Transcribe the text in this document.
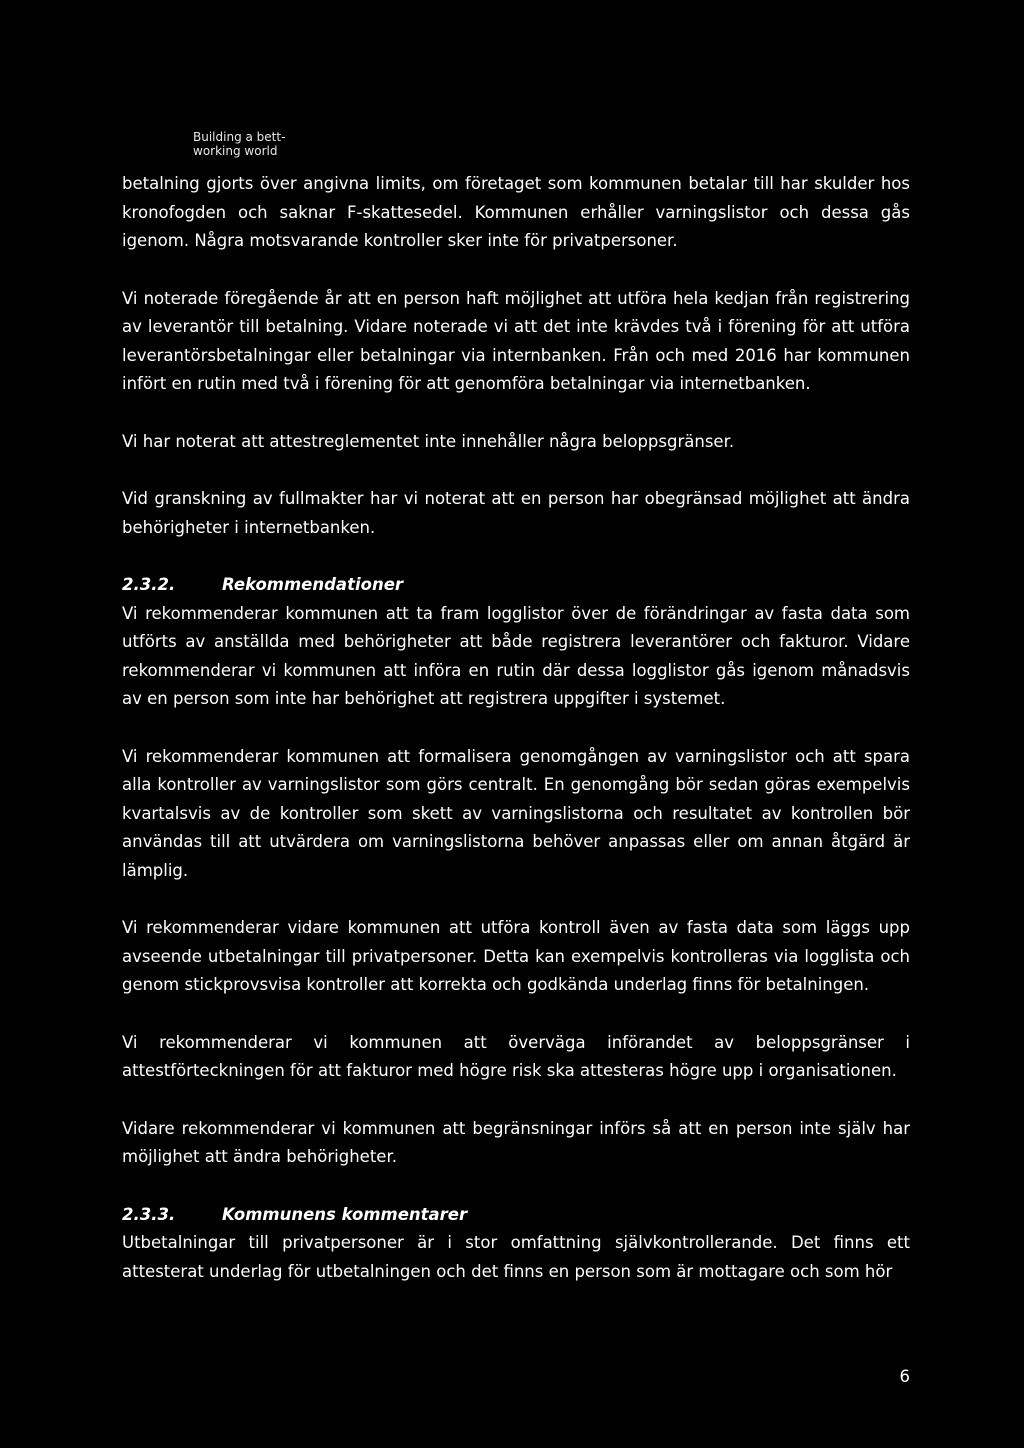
Building a bett-
working world

betalning gjorts över angivna limits, om företaget som kommunen betalar till har skulder hos kronofogden och saknar F-skattesedel. Kommunen erhåller varningslistor och dessa gås igenom. Några motsvarande kontroller sker inte för privatpersoner.

Vi noterade föregående år att en person haft möjlighet att utföra hela kedjan från registrering av leverantör till betalning. Vidare noterade vi att det inte krävdes två i förening för att utföra leverantörsbetalningar eller betalningar via internbanken. Från och med 2016 har kommunen infört en rutin med två i förening för att genomföra betalningar via internetbanken.

Vi har noterat att attestreglementet inte innehåller några beloppsgränser.

Vid granskning av fullmakter har vi noterat att en person har obegränsad möjlighet att ändra behörigheter i internetbanken.

2.3.2.	Rekommendationer

Vi rekommenderar kommunen att ta fram logglistor över de förändringar av fasta data som utförts av anställda med behörigheter att både registrera leverantörer och fakturor. Vidare rekommenderar vi kommunen att införa en rutin där dessa logglistor gås igenom månadsvis av en person som inte har behörighet att registrera uppgifter i systemet.

Vi rekommenderar kommunen att formalisera genomgången av varningslistor och att spara alla kontroller av varningslistor som görs centralt. En genomgång bör sedan göras exempelvis kvartalsvis av de kontroller som skett av varningslistorna och resultatet av kontrollen bör användas till att utvärdera om varningslistorna behöver anpassas eller om annan åtgärd är lämplig.

Vi rekommenderar vidare kommunen att utföra kontroll även av fasta data som läggs upp avseende utbetalningar till privatpersoner. Detta kan exempelvis kontrolleras via logglista och genom stickprovsvisa kontroller att korrekta och godkända underlag finns för betalningen.

Vi rekommenderar vi kommunen att överväga införandet av beloppsgränser i attestförteckningen för att fakturor med högre risk ska attesteras högre upp i organisationen.

Vidare rekommenderar vi kommunen att begränsningar införs så att en person inte själv har möjlighet att ändra behörigheter.

2.3.3.	Kommunens kommentarer

Utbetalningar till privatpersoner är i stor omfattning självkontrollerande. Det finns ett attesterat underlag för utbetalningen och det finns en person som är mottagare och som hör

6
